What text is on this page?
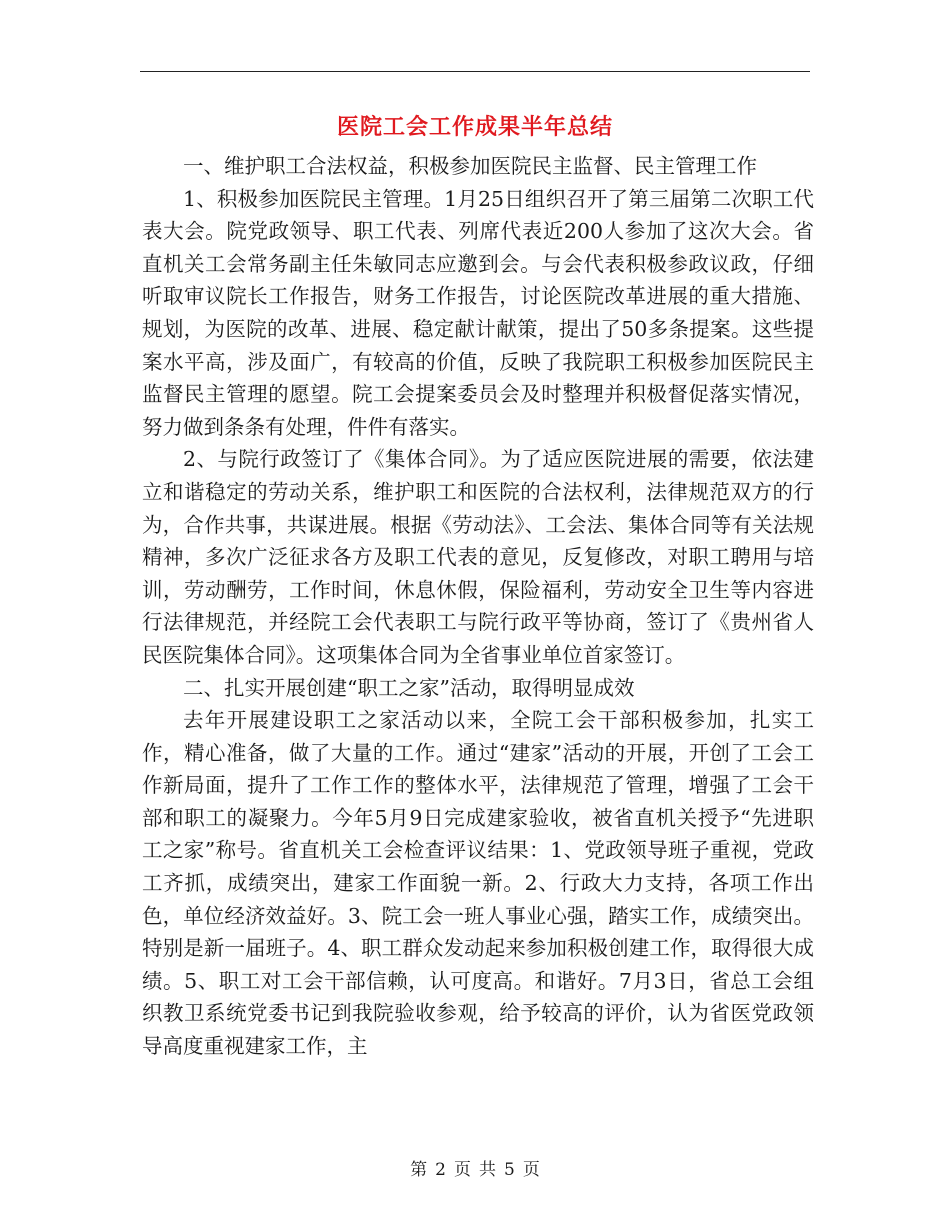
医院工会工作成果半年总结

一、维护职工合法权益，积极参加医院民主监督、民主管理工作

1、积极参加医院民主管理。1月25日组织召开了第三届第二次职工代表大会。院党政领导、职工代表、列席代表近200人参加了这次大会。省直机关工会常务副主任朱敏同志应邀到会。与会代表积极参政议政，仔细听取审议院长工作报告，财务工作报告，讨论医院改革进展的重大措施、规划，为医院的改革、进展、稳定献计献策，提出了50多条提案。这些提案水平高，涉及面广，有较高的价值，反映了我院职工积极参加医院民主监督民主管理的愿望。院工会提案委员会及时整理并积极督促落实情况，努力做到条条有处理，件件有落实。

2、与院行政签订了《集体合同》。为了适应医院进展的需要，依法建立和谐稳定的劳动关系，维护职工和医院的合法权利，法律规范双方的行为，合作共事，共谋进展。根据《劳动法》、工会法、集体合同等有关法规精神，多次广泛征求各方及职工代表的意见，反复修改，对职工聘用与培训，劳动酬劳，工作时间，休息休假，保险福利，劳动安全卫生等内容进行法律规范，并经院工会代表职工与院行政平等协商，签订了《贵州省人民医院集体合同》。这项集体合同为全省事业单位首家签订。

二、扎实开展创建“职工之家”活动，取得明显成效

去年开展建设职工之家活动以来，全院工会干部积极参加，扎实工作，精心准备，做了大量的工作。通过“建家”活动的开展，开创了工会工作新局面，提升了工作工作的整体水平，法律规范了管理，增强了工会干部和职工的凝聚力。今年5月9日完成建家验收，被省直机关授予“先进职工之家”称号。省直机关工会检查评议结果：1、党政领导班子重视，党政工齐抓，成绩突出，建家工作面貌一新。2、行政大力支持，各项工作出色，单位经济效益好。3、院工会一班人事业心强，踏实工作，成绩突出。特别是新一届班子。4、职工群众发动起来参加积极创建工作，取得很大成绩。5、职工对工会干部信赖，认可度高。和谐好。7月3日，省总工会组织教卫系统党委书记到我院验收参观，给予较高的评价，认为省医党政领导高度重视建家工作，主

第 2 页 共 5 页
